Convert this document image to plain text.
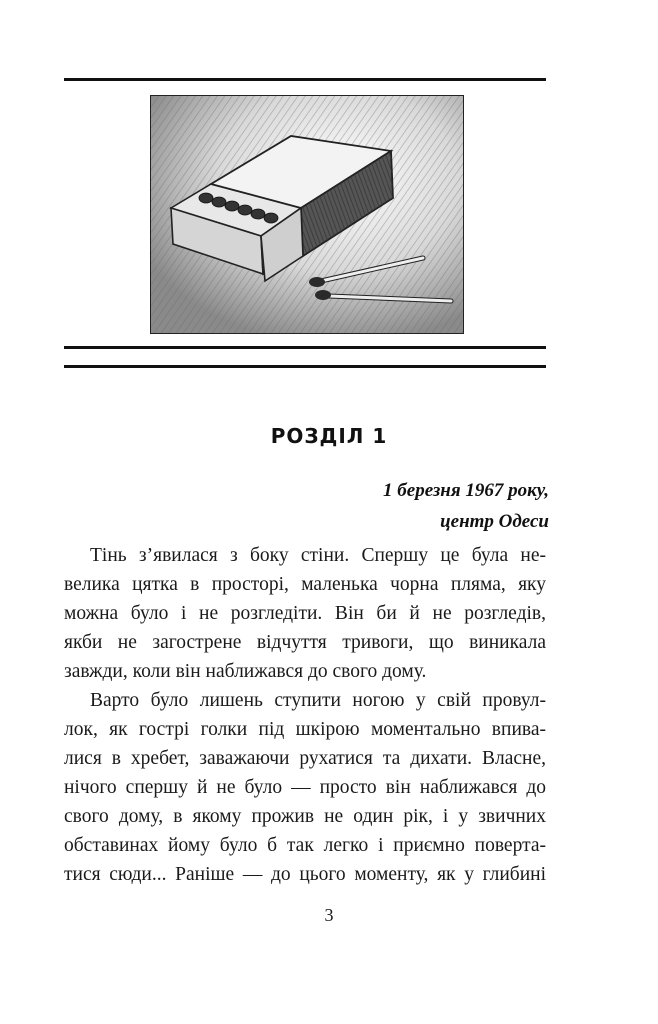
РОЗДІЛ 1
1 березня 1967 року,
центр Одеси
Тінь з’явилася з боку стіни. Спершу це була не-
велика цятка в просторі, маленька чорна пляма, яку
можна було і не розгледіти. Він би й не розгледів,
якби не загострене відчуття тривоги, що виникала
завжди, коли він наближався до свого дому.
Варто було лишень ступити ногою у свій провул-
лок, як гострі голки під шкірою моментально впива-
лися в хребет, заважаючи рухатися та дихати. Власне,
нічого спершу й не було — просто він наближався до
свого дому, в якому прожив не один рік, і у звичних
обставинах йому було б так легко і приємно поверта-
тися сюди... Раніше — до цього моменту, як у глибині
3
